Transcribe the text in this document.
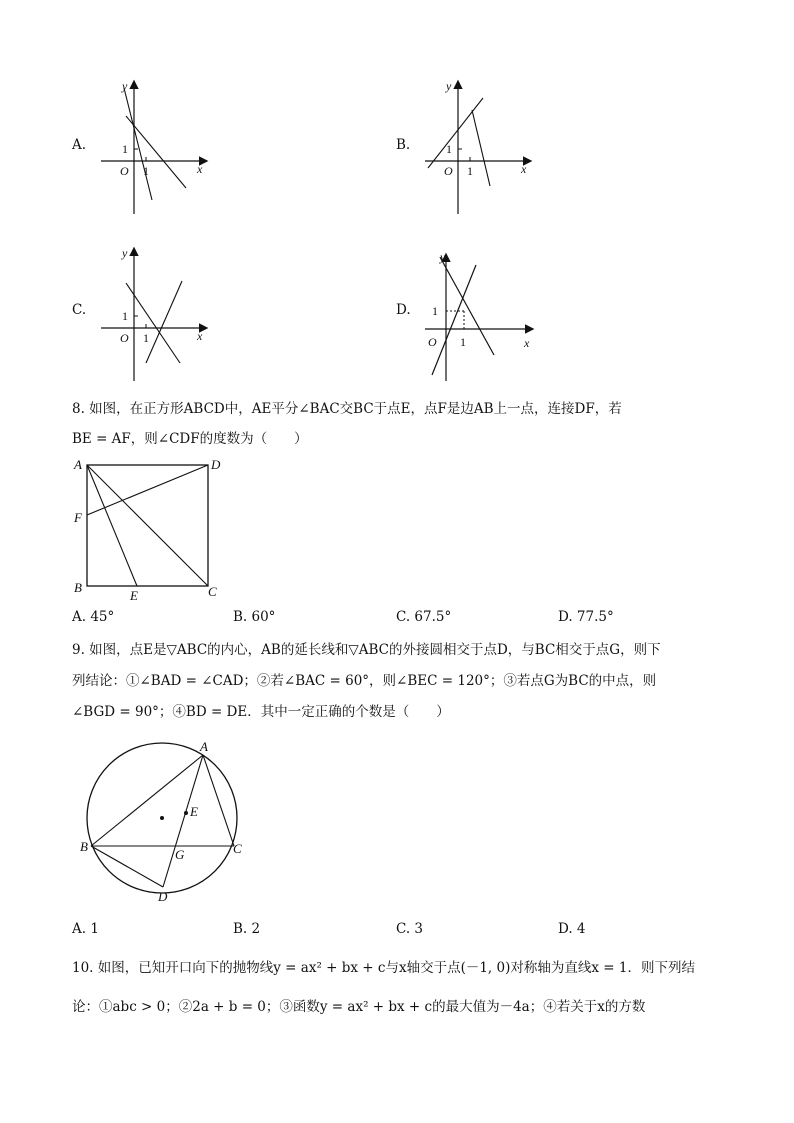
A.
y
x
O 1
1	B.
y
x
O 1
1
C.
y
x
O 1
1	D.
y
x
O 1
1
8. 如图，在正方形ABCD中，AE平分∠BAC交BC于点E，点F是边AB上一点，连接DF，若
BE = AF，则∠CDF的度数为（　　）
A	D
F
B
E	C
A. 45°	B. 60°	C. 67.5°	D. 77.5°
9. 如图，点E是▽ABC的内心，AB的延长线和▽ABC的外接圆相交于点D，与BC相交于点G，则下
列结论：①∠BAD = ∠CAD；②若∠BAC = 60°，则∠BEC = 120°；③若点G为BC的中点，则
∠BGD = 90°；④BD = DE．其中一定正确的个数是（　　）
A
E
B	C
G
D
A. 1	B. 2	C. 3	D. 4
10. 如图，已知开口向下的抛物线y = ax² + bx + c与x轴交于点(－1, 0)对称轴为直线x = 1．则下列结
论：①abc > 0；②2a + b = 0；③函数y = ax² + bx + c的最大值为－4a；④若关于x的方数
